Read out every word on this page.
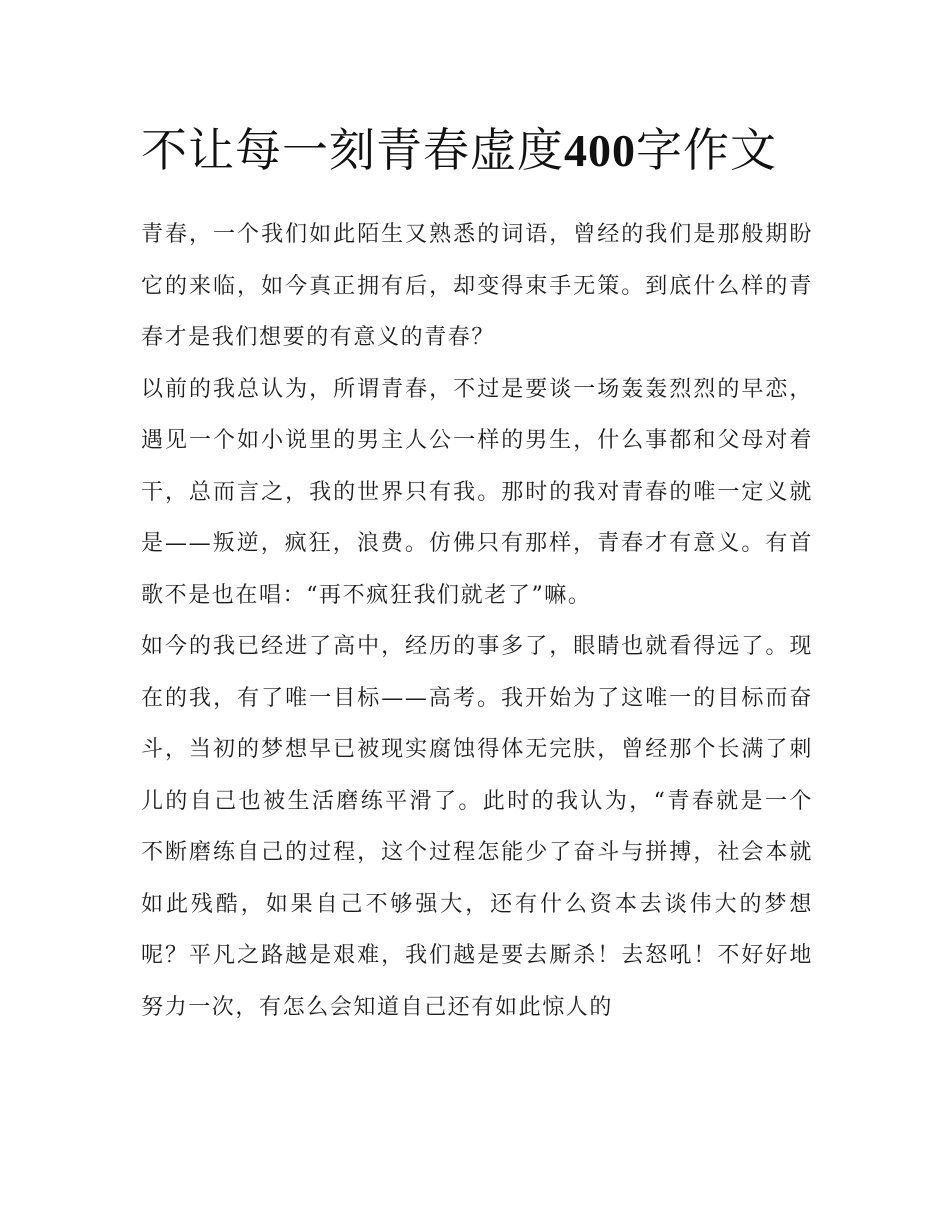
不让每一刻青春虚度400字作文

青春，一个我们如此陌生又熟悉的词语，曾经的我们是那般期盼它的来临，如今真正拥有后，却变得束手无策。到底什么样的青春才是我们想要的有意义的青春？

以前的我总认为，所谓青春，不过是要谈一场轰轰烈烈的早恋，遇见一个如小说里的男主人公一样的男生，什么事都和父母对着干，总而言之，我的世界只有我。那时的我对青春的唯一定义就是——叛逆，疯狂，浪费。仿佛只有那样，青春才有意义。有首歌不是也在唱：“再不疯狂我们就老了”嘛。

如今的我已经进了高中，经历的事多了，眼睛也就看得远了。现在的我，有了唯一目标——高考。我开始为了这唯一的目标而奋斗，当初的梦想早已被现实腐蚀得体无完肤，曾经那个长满了刺儿的自己也被生活磨练平滑了。此时的我认为，“青春就是一个不断磨练自己的过程，这个过程怎能少了奋斗与拼搏，社会本就如此残酷，如果自己不够强大，还有什么资本去谈伟大的梦想呢？平凡之路越是艰难，我们越是要去厮杀！去怒吼！不好好地努力一次，有怎么会知道自己还有如此惊人的
